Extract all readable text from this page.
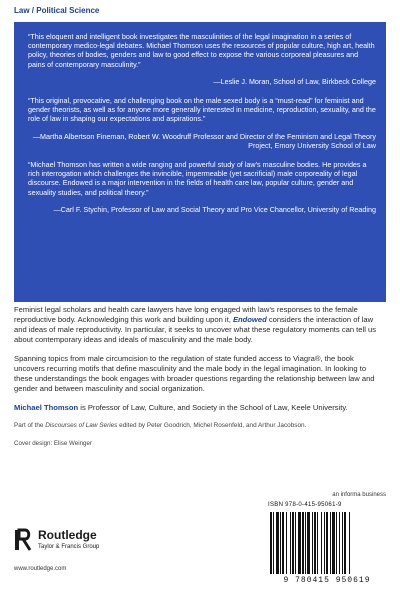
Law / Political Science

“This eloquent and intelligent book investigates the masculinities of the legal imagination in a series of contemporary medico-legal debates. Michael Thomson uses the resources of popular culture, high art, health policy, theories of bodies, genders and law to good effect to expose the various corporeal pleasures and pains of contemporary masculinity.”

—Leslie J. Moran, School of Law, Birkbeck College

“This original, provocative, and challenging book on the male sexed body is a “must-read” for feminist and gender theorists, as well as for anyone more generally interested in medicine, reproduction, sexuality, and the role of law in shaping our expectations and aspirations.”

—Martha Albertson Fineman, Robert W. Woodruff Professor and Director of the Feminism and Legal Theory Project, Emory University School of Law

“Michael Thomson has written a wide ranging and powerful study of law’s masculine bodies. He provides a rich interrogation which challenges the invincible, impermeable (yet sacrificial) male corporeality of legal discourse. Endowed is a major intervention in the fields of health care law, popular culture, gender and sexuality studies, and political theory.”

—Carl F. Stychin, Professor of Law and Social Theory and Pro Vice Chancellor, University of Reading

Feminist legal scholars and health care lawyers have long engaged with law’s responses to the female reproductive body. Acknowledging this work and building upon it, Endowed considers the interaction of law and ideas of male reproductivity. In particular, it seeks to uncover what these regulatory moments can tell us about contemporary ideas and ideals of masculinity and the male body.

Spanning topics from male circumcision to the regulation of state funded access to Viagra®, the book uncovers recurring motifs that define masculinity and the male body in the legal imagination. In looking to these understandings the book engages with broader questions regarding the relationship between law and gender and between masculinity and social organization.

Michael Thomson is Professor of Law, Culture, and Society in the School of Law, Keele University.

Part of the Discourses of Law Series edited by Peter Goodrich, Michel Rosenfeld, and Arthur Jacobson.

Cover design: Elise Weinger

Routledge
Taylor & Francis Group
www.routledge.com
an informa business
ISBN 978-0-415-95061-9
9 780415 950619
